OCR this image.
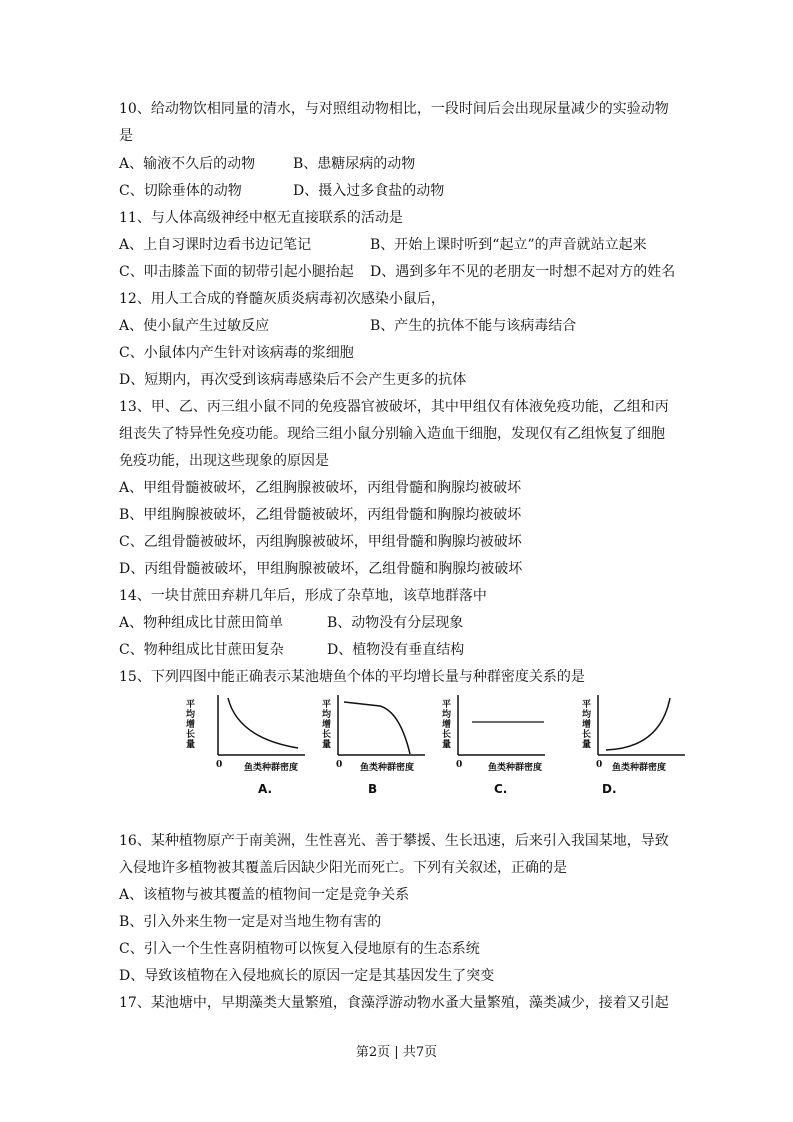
10、给动物饮相同量的清水，与对照组动物相比，一段时间后会出现尿量减少的实验动物
是
A、输液不久后的动物	B、患糖尿病的动物
C、切除垂体的动物	D、摄入过多食盐的动物
11、与人体高级神经中枢无直接联系的活动是
A、上自习课时边看书边记笔记	B、开始上课时听到“起立”的声音就站立起来
C、叩击膝盖下面的韧带引起小腿抬起 D、遇到多年不见的老朋友一时想不起对方的姓名
12、用人工合成的脊髓灰质炎病毒初次感染小鼠后，
A、使小鼠产生过敏反应	B、产生的抗体不能与该病毒结合
C、小鼠体内产生针对该病毒的浆细胞
D、短期内，再次受到该病毒感染后不会产生更多的抗体
13、甲、乙、丙三组小鼠不同的免疫器官被破坏，其中甲组仅有体液免疫功能，乙组和丙
组丧失了特异性免疫功能。现给三组小鼠分别输入造血干细胞，发现仅有乙组恢复了细胞
免疫功能，出现这些现象的原因是
A、甲组骨髓被破坏，乙组胸腺被破坏，丙组骨髓和胸腺均被破坏
B、甲组胸腺被破坏，乙组骨髓被破坏，丙组骨髓和胸腺均被破坏
C、乙组骨髓被破坏，丙组胸腺被破坏，甲组骨髓和胸腺均被破坏
D、丙组骨髓被破坏，甲组胸腺被破坏，乙组骨髓和胸腺均被破坏
14、一块甘蔗田弃耕几年后，形成了杂草地，该草地群落中
A、物种组成比甘蔗田简单	B、动物没有分层现象
C、物种组成比甘蔗田复杂	D、植物没有垂直结构
15、下列四图中能正确表示某池塘鱼个体的平均增长量与种群密度关系的是
平均增长量
0 鱼类种群密度
A.
平均增长量
0 鱼类种群密度
B
平均增长量
0	鱼类种群密度
C.
平均增长量
0 鱼类种群密度
D.
16、某种植物原产于南美洲，生性喜光、善于攀援、生长迅速，后来引入我国某地，导致
入侵地许多植物被其覆盖后因缺少阳光而死亡。下列有关叙述，正确的是
A、该植物与被其覆盖的植物间一定是竞争关系
B、引入外来生物一定是对当地生物有害的
C、引入一个生性喜阴植物可以恢复入侵地原有的生态系统
D、导致该植物在入侵地疯长的原因一定是其基因发生了突变
17、某池塘中，早期藻类大量繁殖，食藻浮游动物水蚤大量繁殖，藻类减少，接着又引起
第2页 | 共7页
